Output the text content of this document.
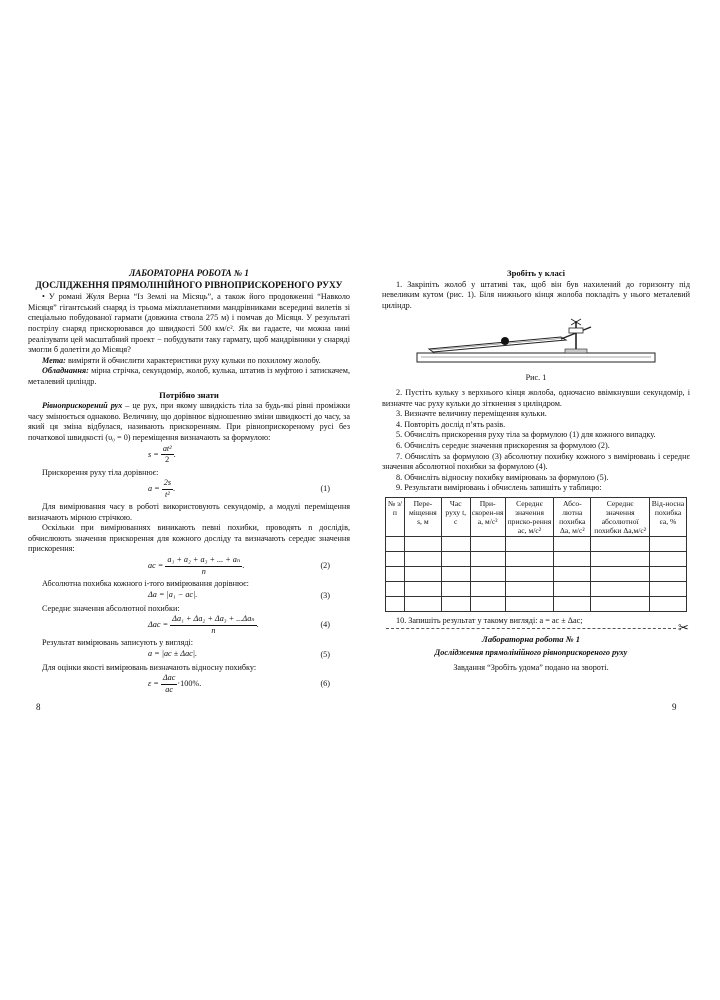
ЛАБОРАТОРНА РОБОТА № 1
ДОСЛІДЖЕННЯ ПРЯМОЛІНІЙНОГО РІВНОПРИСКОРЕНОГО РУХУ

• У романі Жуля Верна “Із Землі на Місяць”, а також його продовженні “Навколо Місяця” гігантський снаряд із трьома міжпланетними мандрівниками всередині вилетів зі спеціально побудованої гармати (довжина ствола 275 м) і помчав до Місяця. У результаті пострілу снаряд прискорювався до швидкості 500 км/с². Як ви гадаєте, чи можна нині реалізувати цей масштабний проект − побудувати таку гармату, щоб мандрівники у снаряді змогли б долетіти до Місяця?

Мета: виміряти й обчислити характеристики руху кульки по похилому жолобу.

Обладнання: мірна стрічка, секундомір, жолоб, кулька, штатив із муфтою і затискачем, металевий циліндр.

Потрібно знати

Рівноприскорений рух – це рух, при якому швидкість тіла за будь-які рівні проміжки часу змінюється однаково. Величину, що дорівнює відношенню зміни швидкості до часу, за який ця зміна відбулася, називають прискоренням. При рівноприскореному русі без початкової швидкості (υ₀ = 0) переміщення визначають за формулою:

$s = \frac{\text{at²}}{2}$ .

Прискорення руху тіла дорівнює:

$a = \frac{2s}{\text{t²}}$ .	(1)

Для вимірювання часу в роботі використовують секундомір, а модулі переміщення визначають мірною стрічкою.

Оскільки при вимірюваннях виникають певні похибки, проводять n дослідів, обчислюють значення прискорення для кожного досліду та визначають середнє значення прискорення:

aс = $\frac{\text{a₁ + a₂ + a₃ + ... + aₙ}}{n}$ .	(2)

Абсолютна похибка кожного i-того вимірювання дорівнює:

Δa = |a₁ − aс|.	(3)

Середнє значення абсолютної похибки:

$\Delta aс = \frac{\text{Δa₁ + Δa₂ + Δa₃ + ...Δaₙ}}{n}$ .	(4)

Результат вимірювань записують у вигляді:

a = |aс ± Δaс|.	(5)

Для оцінки якості вимірювань визначають відносну похибку:

$\varepsilon = \frac{\text{Δaс}}{aс} \cdot 100\%$.	(6)
8
Зробіть у класі

1. Закріпіть жолоб у штативі так, щоб він був нахилений до горизонту під невеликим кутом (рис. 1). Біля нижнього кінця жолоба покладіть у нього металевий циліндр.

Рис. 1

2. Пустіть кульку з верхнього кінця жолоба, одночасно ввімкнувши секундомір, і визначте час руху кульки до зіткнення з циліндром.

3. Визначте величину переміщення кульки.

4. Повторіть дослід п’ять разів.

5. Обчисліть прискорення руху тіла за формулою (1) для кожного випадку.

6. Обчисліть середнє значення прискорення за формулою (2).

7. Обчисліть за формулою (3) абсолютну похибку кожного з вимірювань і середнє значення абсолютної похибки за формулою (4).

8. Обчисліть відносну похибку вимірювань за формулою (5).

9. Результати вимірювань і обчислень запишіть у таблицю:

№ з/п	Пере-міщення s, м	Час руху t, с	При-скорен-ня a, м/с²	Середнє значення приско-рення aс, м/с²	Абсо-лютна похибка Δa, м/с²	Середнє значення абсолютної похибки Δa,м/с²	Від-носна похибка εа, %

10. Запишіть результат у такому вигляді: a = aс ± Δaс;	✂
Лабораторна робота № 1
Дослідження прямолінійного рівноприскореного руху
Завдання “Зробіть удома” подано на звороті.
9
